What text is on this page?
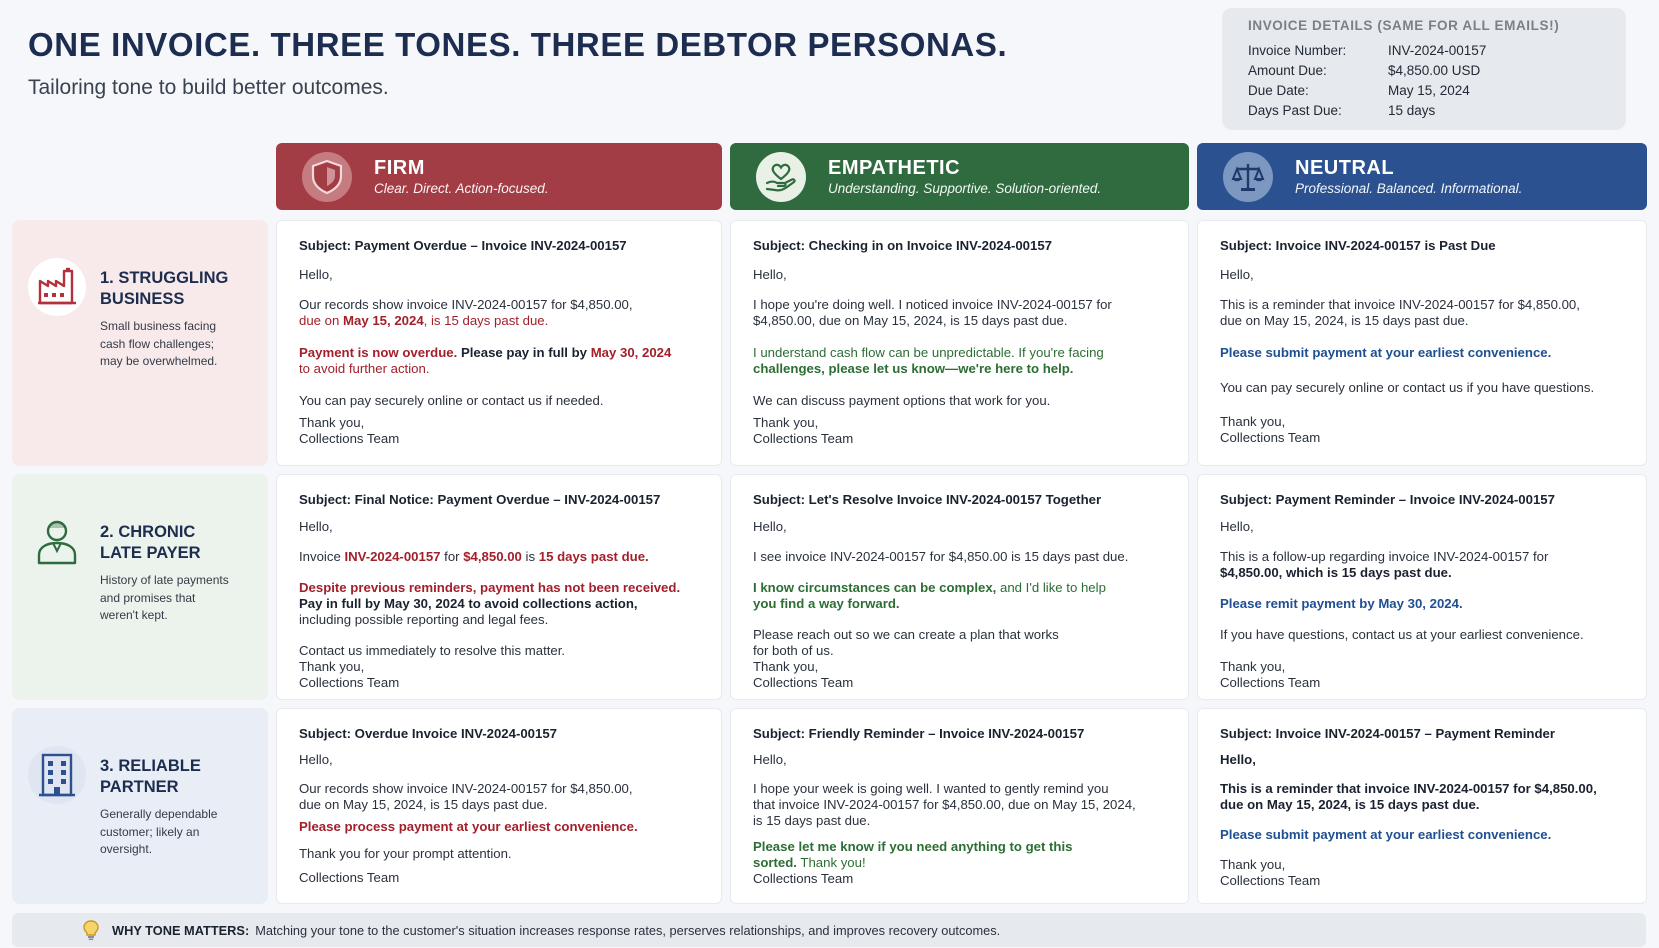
ONE INVOICE. THREE TONES. THREE DEBTOR PERSONAS.
Tailoring tone to build better outcomes.
INVOICE DETAILS (SAME FOR ALL EMAILS!)
Invoice Number:	INV-2024-00157
Amount Due:	$4,850.00 USD
Due Date:	May 15, 2024
Days Past Due:	15 days
FIRM
Clear. Direct. Action-focused.
EMPATHETIC
Understanding. Supportive. Solution-oriented.
NEUTRAL
Professional. Balanced. Informational.
1. STRUGGLING BUSINESS
Small business facing cash flow challenges; may be overwhelmed.
2. CHRONIC LATE PAYER
History of late payments and promises that weren't kept.
3. RELIABLE PARTNER
Generally dependable customer; likely an oversight.

Subject: Payment Overdue – Invoice INV-2024-00157

Hello,

Our records show invoice INV-2024-00157 for $4,850.00,

due on May 15, 2024, is 15 days past due.

Payment is now overdue. Please pay in full by May 30, 2024

to avoid further action.

You can pay securely online or contact us if needed.

Thank you,

Collections Team

Subject: Checking in on Invoice INV-2024-00157

Hello,

I hope you're doing well. I noticed invoice INV-2024-00157 for

$4,850.00, due on May 15, 2024, is 15 days past due.

I understand cash flow can be unpredictable. If you're facing

challenges, please let us know—we're here to help.

We can discuss payment options that work for you.

Thank you,

Collections Team

Subject: Invoice INV-2024-00157 is Past Due

Hello,

This is a reminder that invoice INV-2024-00157 for $4,850.00,

due on May 15, 2024, is 15 days past due.

Please submit payment at your earliest convenience.

You can pay securely online or contact us if you have questions.

Thank you,

Collections Team

Subject: Final Notice: Payment Overdue – INV-2024-00157

Hello,

Invoice INV-2024-00157 for $4,850.00 is 15 days past due.

Despite previous reminders, payment has not been received.

Pay in full by May 30, 2024 to avoid collections action,

including possible reporting and legal fees.

Contact us immediately to resolve this matter.

Thank you,

Collections Team

Subject: Let's Resolve Invoice INV-2024-00157 Together

Hello,

I see invoice INV-2024-00157 for $4,850.00 is 15 days past due.

I know circumstances can be complex, and I'd like to help

you find a way forward.

Please reach out so we can create a plan that works

for both of us.

Thank you,

Collections Team

Subject: Payment Reminder – Invoice INV-2024-00157

Hello,

This is a follow-up regarding invoice INV-2024-00157 for

$4,850.00, which is 15 days past due.

Please remit payment by May 30, 2024.

If you have questions, contact us at your earliest convenience.

Thank you,

Collections Team

Subject: Overdue Invoice INV-2024-00157

Hello,

Our records show invoice INV-2024-00157 for $4,850.00,

due on May 15, 2024, is 15 days past due.

Please process payment at your earliest convenience.

Thank you for your prompt attention.

Collections Team

Subject: Friendly Reminder – Invoice INV-2024-00157

Hello,

I hope your week is going well. I wanted to gently remind you

that invoice INV-2024-00157 for $4,850.00, due on May 15, 2024,

is 15 days past due.

Please let me know if you need anything to get this

sorted. Thank you!

Collections Team

Subject: Invoice INV-2024-00157 – Payment Reminder

Hello,

This is a reminder that invoice INV-2024-00157 for $4,850.00,

due on May 15, 2024, is 15 days past due.

Please submit payment at your earliest convenience.

Thank you,

Collections Team

WHY TONE MATTERS: Matching your tone to the customer's situation increases response rates, perserves relationships, and improves recovery outcomes.
